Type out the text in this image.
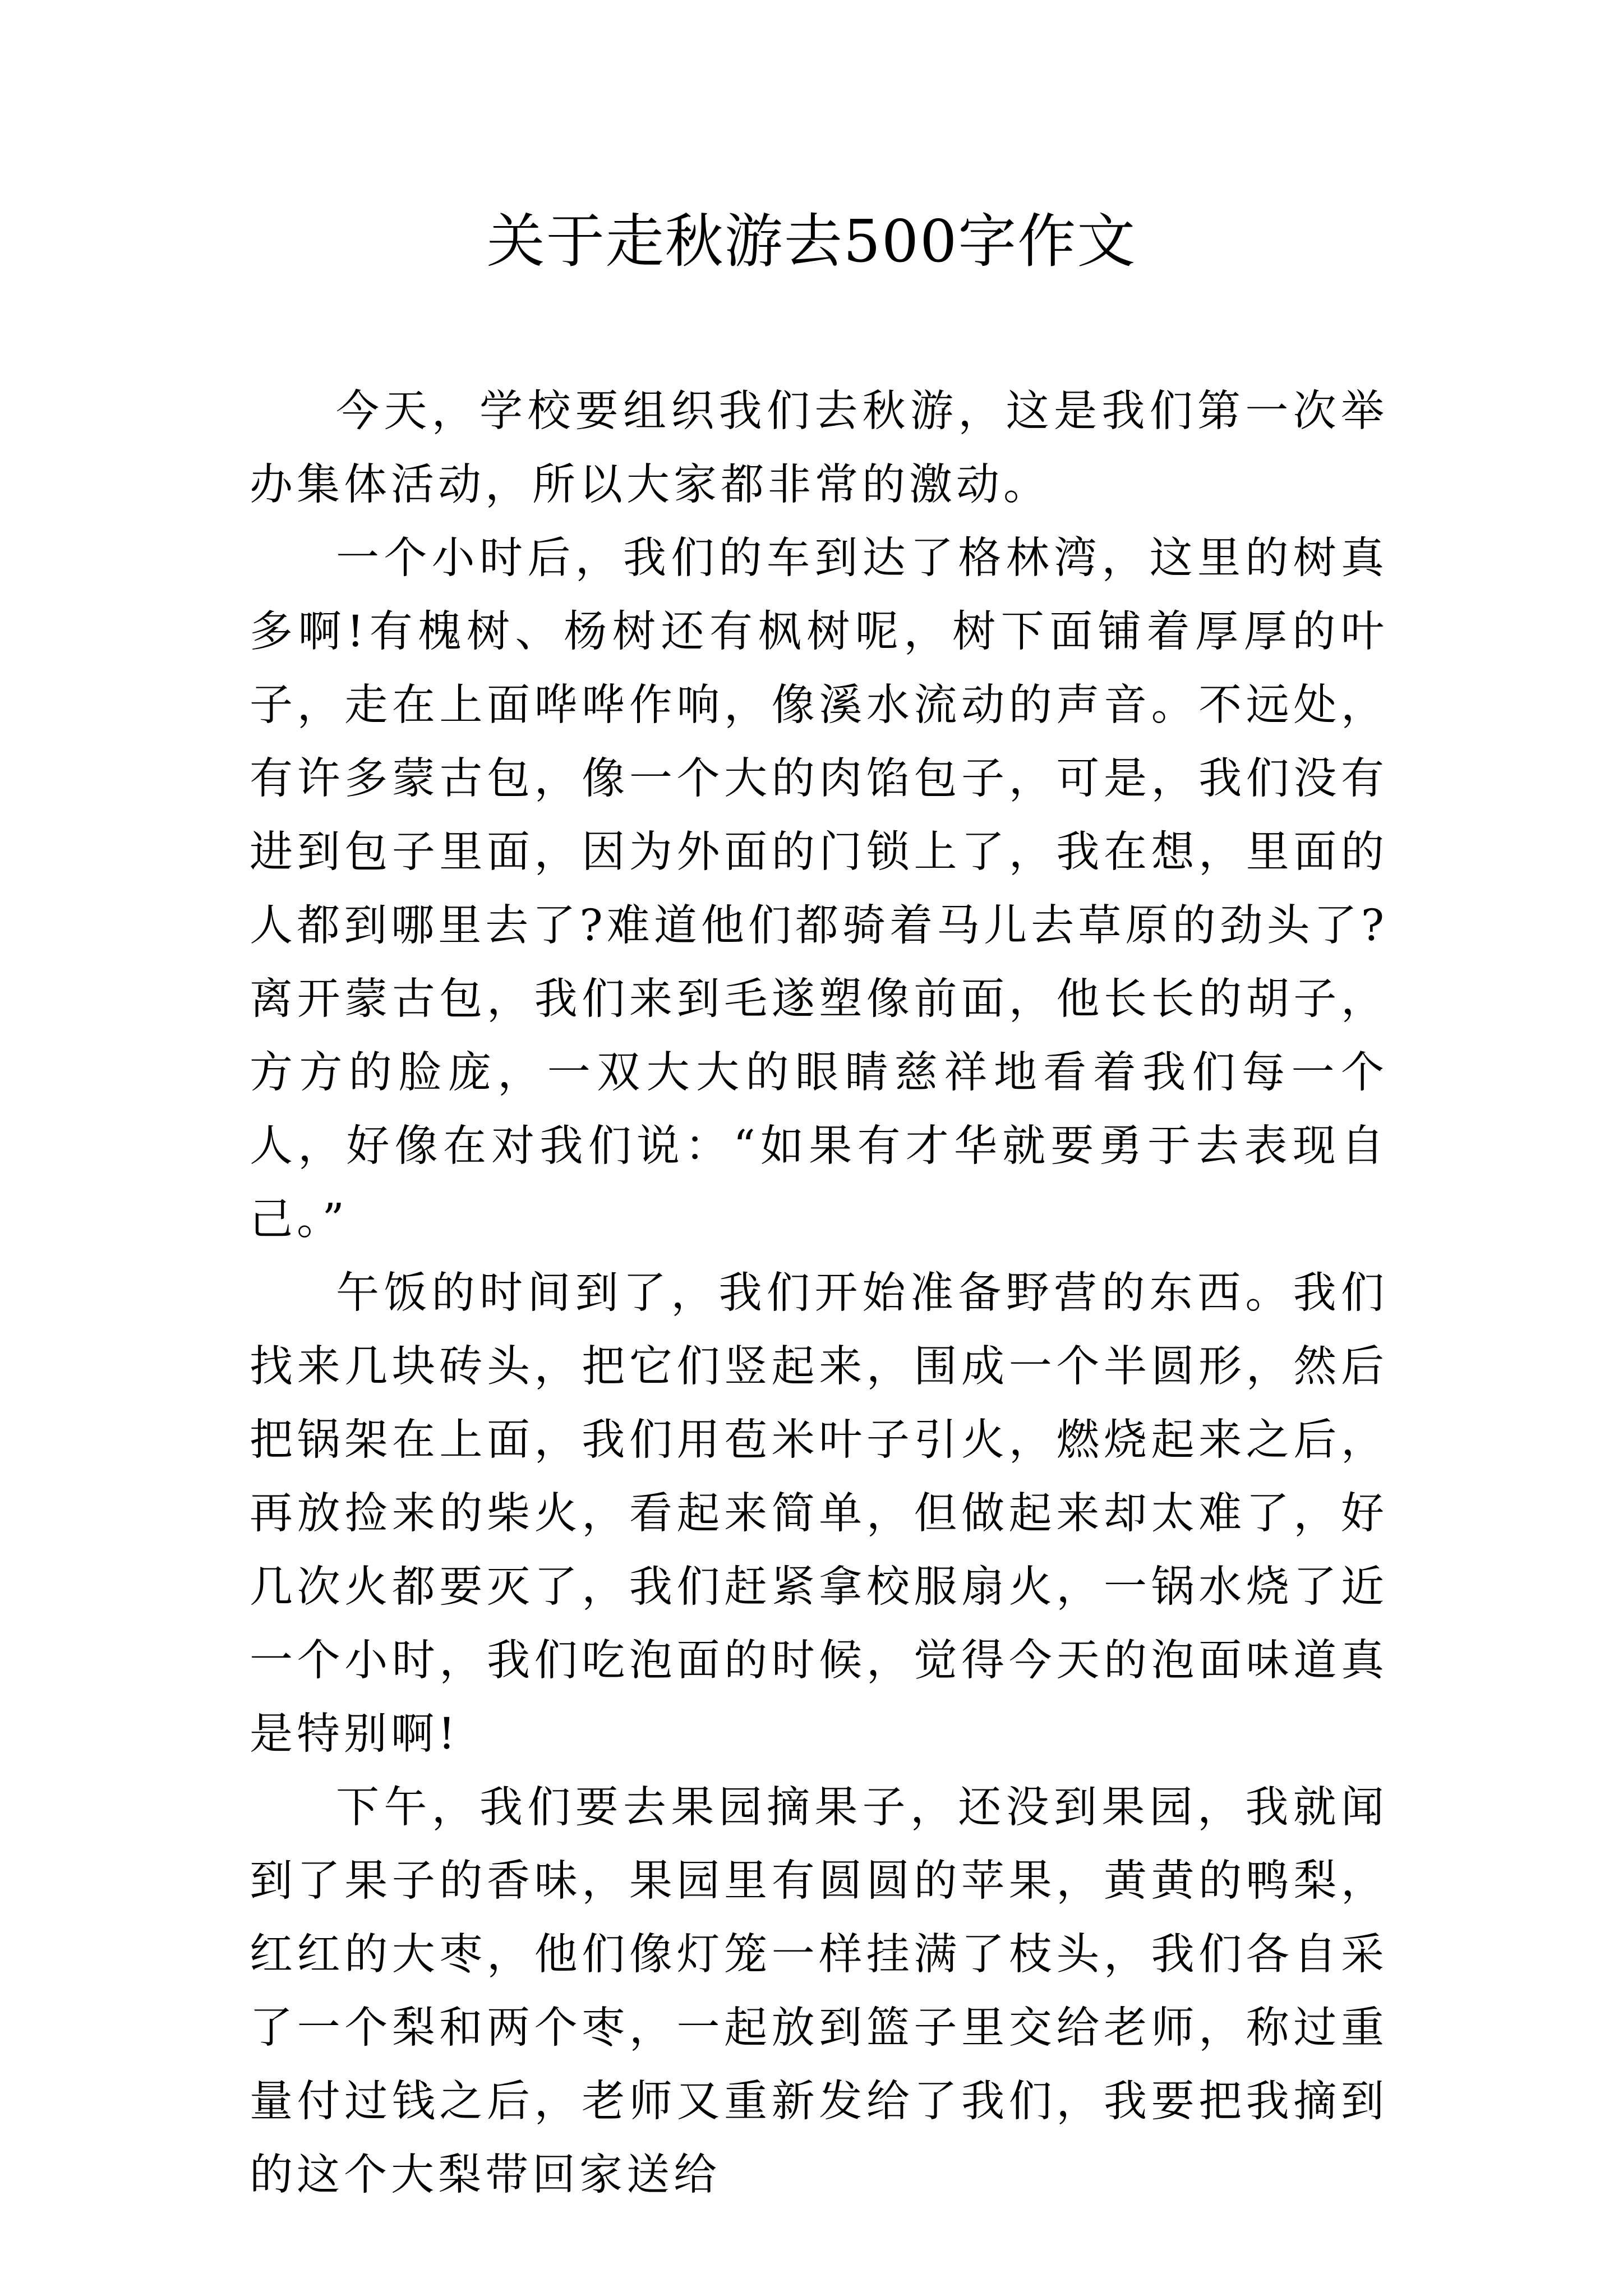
关于走秋游去500字作文

今天，学校要组织我们去秋游，这是我们第一次举办集体活动，所以大家都非常的激动。

一个小时后，我们的车到达了格林湾，这里的树真多啊!有槐树、杨树还有枫树呢，树下面铺着厚厚的叶子，走在上面哗哗作响，像溪水流动的声音。不远处，有许多蒙古包，像一个大的肉馅包子，可是，我们没有进到包子里面，因为外面的门锁上了，我在想，里面的人都到哪里去了?难道他们都骑着马儿去草原的劲头了?离开蒙古包，我们来到毛遂塑像前面，他长长的胡子，方方的脸庞，一双大大的眼睛慈祥地看着我们每一个人，好像在对我们说：“如果有才华就要勇于去表现自己。”

午饭的时间到了，我们开始准备野营的东西。我们找来几块砖头，把它们竖起来，围成一个半圆形，然后把锅架在上面，我们用苞米叶子引火，燃烧起来之后，再放捡来的柴火，看起来简单，但做起来却太难了，好几次火都要灭了，我们赶紧拿校服扇火，一锅水烧了近一个小时，我们吃泡面的时候，觉得今天的泡面味道真是特别啊!

下午，我们要去果园摘果子，还没到果园，我就闻到了果子的香味，果园里有圆圆的苹果，黄黄的鸭梨，红红的大枣，他们像灯笼一样挂满了枝头，我们各自采了一个梨和两个枣，一起放到篮子里交给老师，称过重量付过钱之后，老师又重新发给了我们，我要把我摘到的这个大梨带回家送给
